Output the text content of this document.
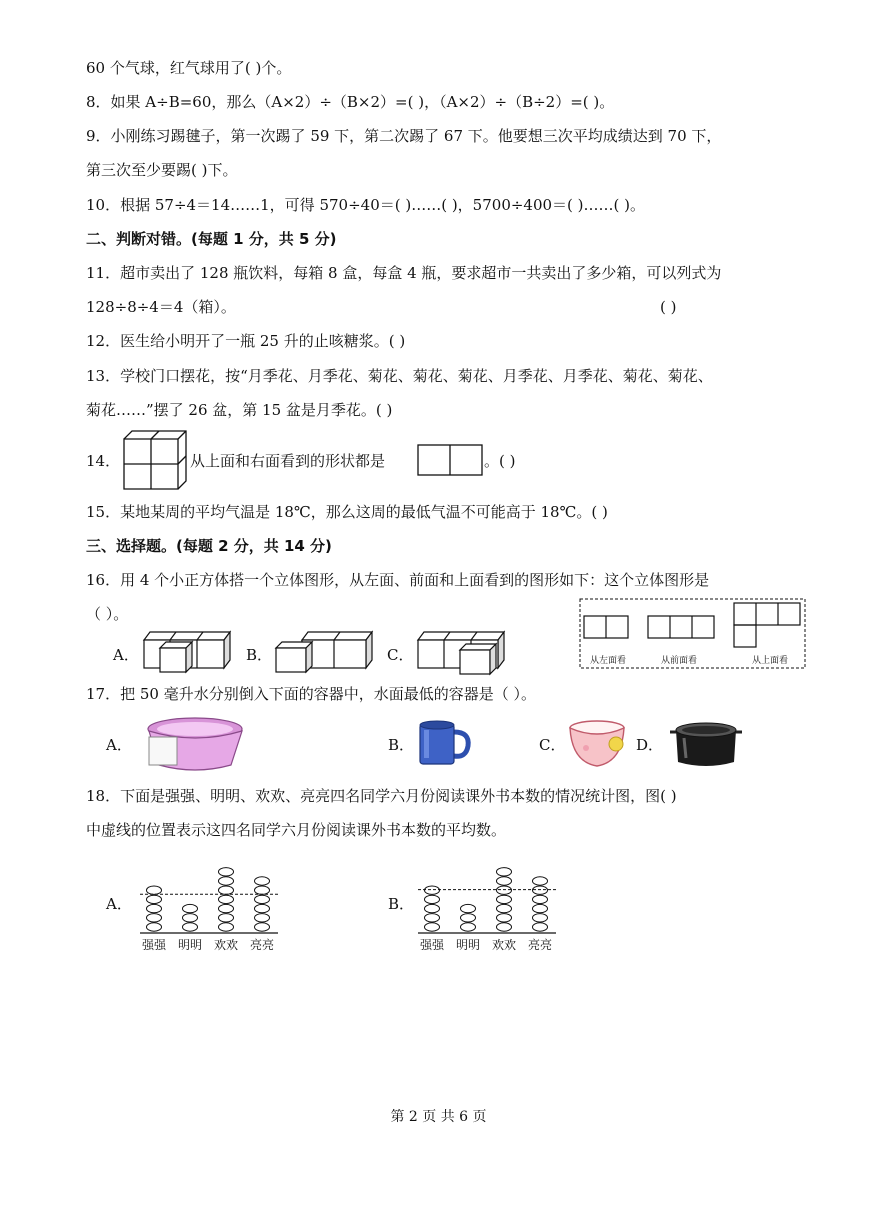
60 个气球，红气球用了( )个。
8．如果 A÷B=60，那么（A×2）÷（B×2）=( )，（A×2）÷（B÷2）=( )。
9．小刚练习踢毽子，第一次踢了 59 下，第二次踢了 67 下。他要想三次平均成绩达到 70 下，
第三次至少要踢( )下。
10．根据 57÷4＝14……1，可得 570÷40＝( )……( )，5700÷400＝( )……( )。
二、判断对错。(每题 1 分，共 5 分)
11．超市卖出了 128 瓶饮料，每箱 8 盒，每盒 4 瓶，要求超市一共卖出了多少箱，可以列式为
128÷8÷4＝4（箱）。	( )
12．医生给小明开了一瓶 25 升的止咳糖浆。( )
13．学校门口摆花，按“月季花、月季花、菊花、菊花、菊花、月季花、月季花、菊花、菊花、
菊花……”摆了 26 盆，第 15 盆是月季花。( )
14．	从上面和右面看到的形状都是	。( )
15．某地某周的平均气温是 18℃，那么这周的最低气温不可能高于 18℃。( )
三、选择题。(每题 2 分，共 14 分)
16．用 4 个小正方体搭一个立体图形，从左面、前面和上面看到的图形如下：这个立体图形是
（ ）。
A．	B．	C．	从左面看	从前面看	从上面看
17．把 50 毫升水分别倒入下面的容器中，水面最低的容器是（ ）。
A．	B．	C．	D．
18．下面是强强、明明、欢欢、亮亮四名同学六月份阅读课外书本数的情况统计图，图( )
中虚线的位置表示这四名同学六月份阅读课外书本数的平均数。
A．
强强 明明 欢欢 亮亮
B．
强强 明明 欢欢 亮亮
第 2 页 共 6 页
